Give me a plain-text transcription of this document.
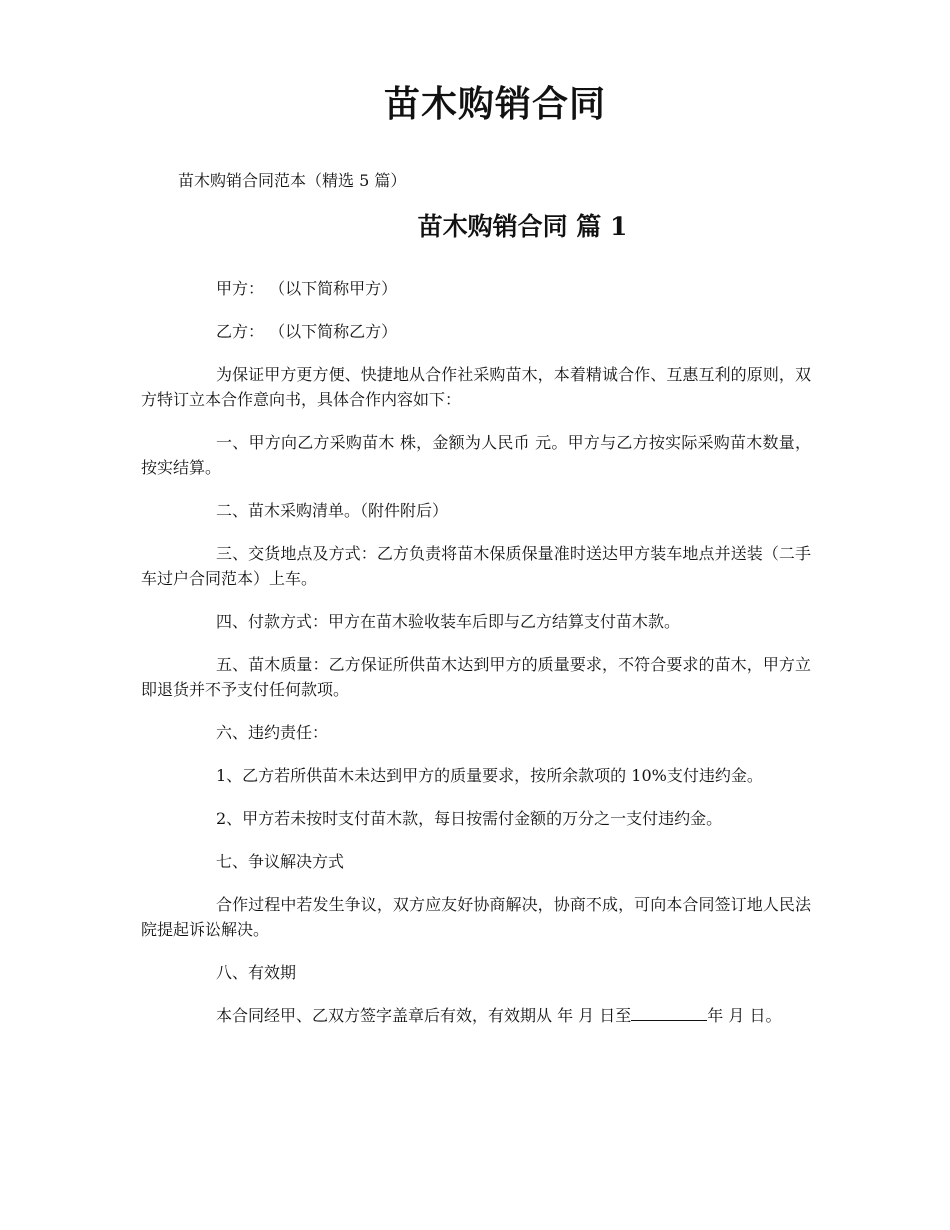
苗木购销合同

苗木购销合同范本（精选 5 篇）

苗木购销合同 篇 1

甲方： （以下简称甲方）

乙方： （以下简称乙方）

为保证甲方更方便、快捷地从合作社采购苗木，本着精诚合作、互惠互利的原则，双方特订立本合作意向书，具体合作内容如下：

一、甲方向乙方采购苗木 株，金额为人民币 元。甲方与乙方按实际采购苗木数量，按实结算。

二、苗木采购清单。（附件附后）

三、交货地点及方式：乙方负责将苗木保质保量准时送达甲方装车地点并送装（二手车过户合同范本）上车。

四、付款方式：甲方在苗木验收装车后即与乙方结算支付苗木款。

五、苗木质量：乙方保证所供苗木达到甲方的质量要求，不符合要求的苗木，甲方立即退货并不予支付任何款项。

六、违约责任：

1、乙方若所供苗木未达到甲方的质量要求，按所余款项的 10%支付违约金。

2、甲方若未按时支付苗木款，每日按需付金额的万分之一支付违约金。

七、争议解决方式

合作过程中若发生争议，双方应友好协商解决，协商不成，可向本合同签订地人民法院提起诉讼解决。

八、有效期

本合同经甲、乙双方签字盖章后有效，有效期从 年 月 日至	年 月 日。
